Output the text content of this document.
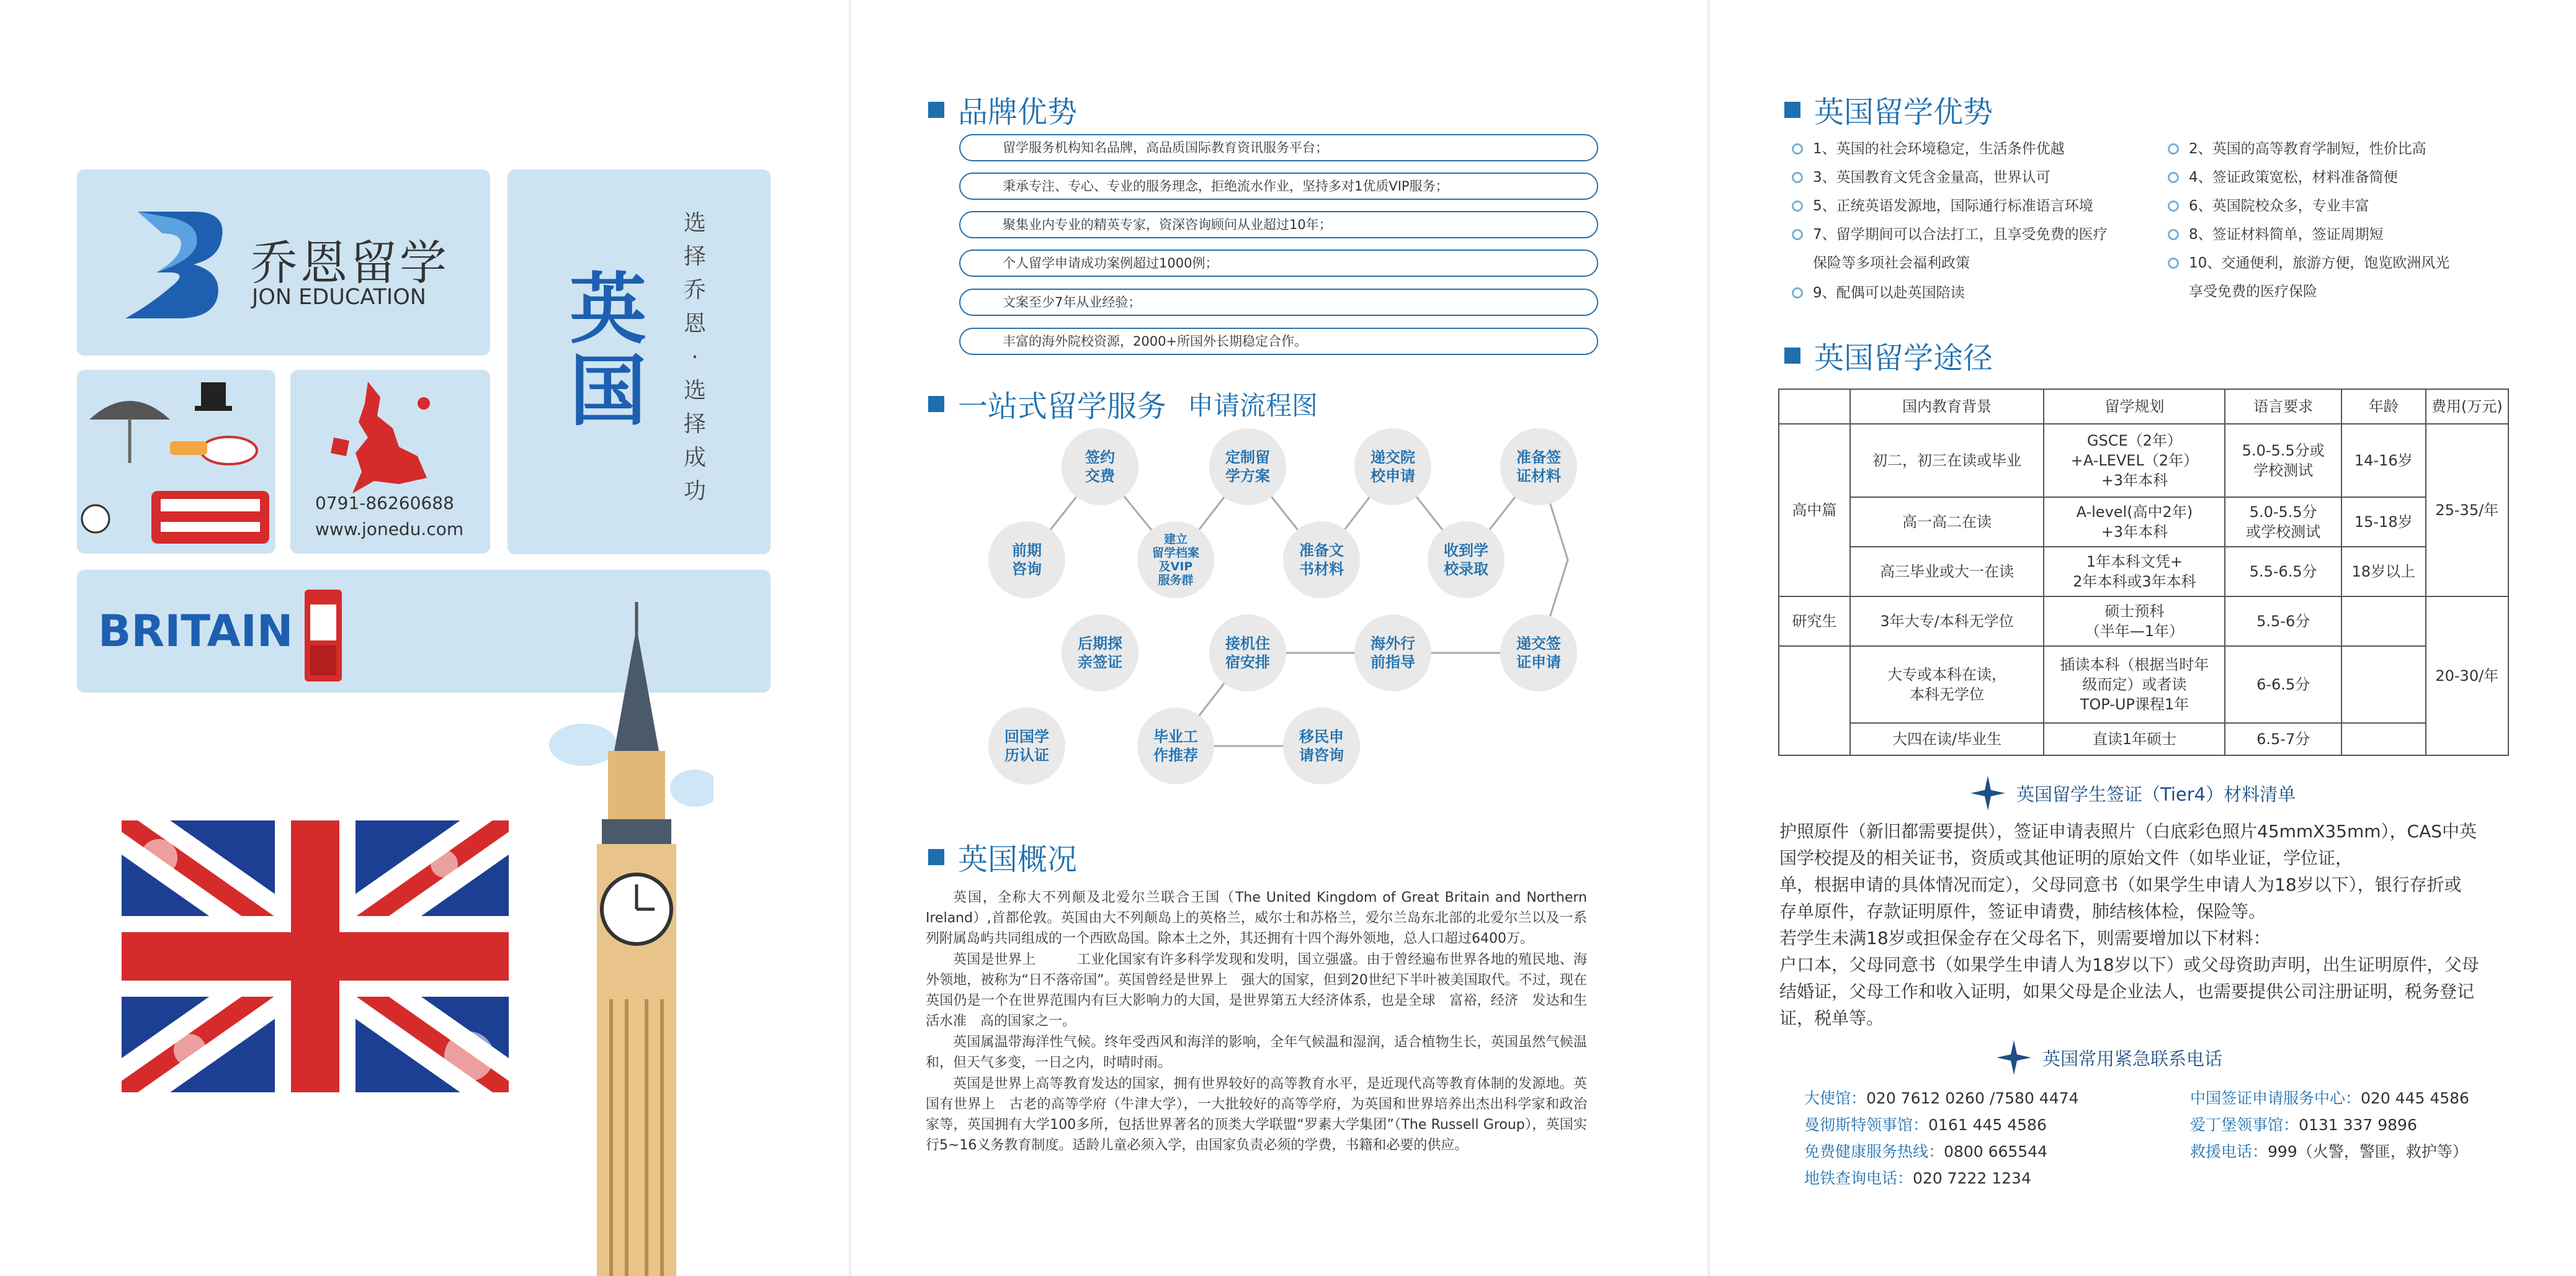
乔恩留学
JON EDUCATION 英国
选
择
乔
恩
·
选
择
成
功
0791-86260688
www.jonedu.com
BRITAIN
品牌优势
留学服务机构知名品牌，高品质国际教育资讯服务平台；
秉承专注、专心、专业的服务理念，拒绝流水作业，坚持多对1优质VIP服务；
聚集业内专业的精英专家，资深咨询顾问从业超过10年；
个人留学申请成功案例超过1000例；
文案至少7年从业经验；
丰富的海外院校资源，2000+所国外长期稳定合作。
一站式留学服务 申请流程图
前期
咨询
签约
交费
建立
留学档案
及VIP
服务群
定制留
学方案
准备文
书材料
递交院
校申请
收到学
校录取
准备签
证材料
递交签
证申请
海外行
前指导
接机住
宿安排
后期探
亲签证
回国学
历认证
毕业工
作推荐
移民申
请咨询
英国概况
英国，全称大不列颠及北爱尔兰联合王国（The United Kingdom of Great Britain and Northern Ireland）,首都伦敦。英国由大不列颠岛上的英格兰，威尔士和苏格兰，爱尔兰岛东北部的北爱尔兰以及一系列附属岛屿共同组成的一个西欧岛国。除本土之外，其还拥有十四个海外领地，总人口超过6400万。
英国是世界上　　　工业化国家有许多科学发现和发明，国立强盛。由于曾经遍布世界各地的殖民地、海外领地，被称为“日不落帝国”。英国曾经是世界上　强大的国家，但到20世纪下半叶被美国取代。不过，现在英国仍是一个在世界范围内有巨大影响力的大国，是世界第五大经济体系，也是全球　富裕，经济　发达和生活水准　高的国家之一。
英国属温带海洋性气候。终年受西风和海洋的影响，全年气候温和湿润，适合植物生长，英国虽然气候温和，但天气多变，一日之内，时晴时雨。
英国是世界上高等教育发达的国家，拥有世界较好的高等教育水平，是近现代高等教育体制的发源地。英国有世界上　古老的高等学府（牛津大学），一大批较好的高等学府，为英国和世界培养出杰出科学家和政治家等，英国拥有大学100多所，包括世界著名的顶类大学联盟“罗素大学集团”（The Russell Group），英国实行5~16义务教育制度。适龄儿童必须入学，由国家负责必须的学费，书籍和必要的供应。
英国留学优势
1、英国的社会环境稳定，生活条件优越
3、英国教育文凭含金量高，世界认可
5、正统英语发源地，国际通行标准语言环境
7、留学期间可以合法打工，且享受免费的医疗
保险等多项社会福利政策
9、配偶可以赴英国陪读
2、英国的高等教育学制短，性价比高
4、签证政策宽松，材料准备简便
6、英国院校众多，专业丰富
8、签证材料简单，签证周期短
10、交通便利，旅游方便，饱览欧洲风光
享受免费的医疗保险
英国留学途径
	国内教育背景	留学规划	语言要求	年龄	费用(万元)
高中篇	初二，初三在读或毕业	GSCE（2年）
+A-LEVEL（2年）
+3年本科	5.0-5.5分或
学校测试	14-16岁	25-35/年
	高一高二在读	A-level(高中2年)
+3年本科	5.0-5.5分
或学校测试	15-18岁	
	高三毕业或大一在读	1年本科文凭+
2年本科或3年本科	5.5-6.5分	18岁以上	
研究生	3年大专/本科无学位	硕士预科
（半年—1年）	5.5-6分		20-30/年
	大专或本科在读，
本科无学位	插读本科（根据当时年
级而定）或者读
TOP-UP课程1年	6-6.5分		
	大四在读/毕业生	直读1年硕士	6.5-7分		
英国留学生签证（Tier4）材料清单
护照原件（新旧都需要提供），签证申请表照片（白底彩色照片45mmX35mm），CAS中英
国学校提及的相关证书，资质或其他证明的原始文件（如毕业证，学位证，
单，根据申请的具体情况而定），父母同意书（如果学生申请人为18岁以下），银行存折或
存单原件，存款证明原件，签证申请费，肺结核体检，保险等。
若学生未满18岁或担保金存在父母名下，则需要增加以下材料：
户口本，父母同意书（如果学生申请人为18岁以下）或父母资助声明，出生证明原件，父母
结婚证，父母工作和收入证明，如果父母是企业法人，也需要提供公司注册证明，税务登记
证，税单等。
英国常用紧急联系电话
大使馆：020 7612 0260 /7580 4474
曼彻斯特领事馆：0161 445 4586
免费健康服务热线：0800 665544
地铁查询电话：020 7222 1234
中国签证申请服务中心：020 445 4586
爱丁堡领事馆：0131 337 9896
救援电话：999（火警，警匪，救护等）
